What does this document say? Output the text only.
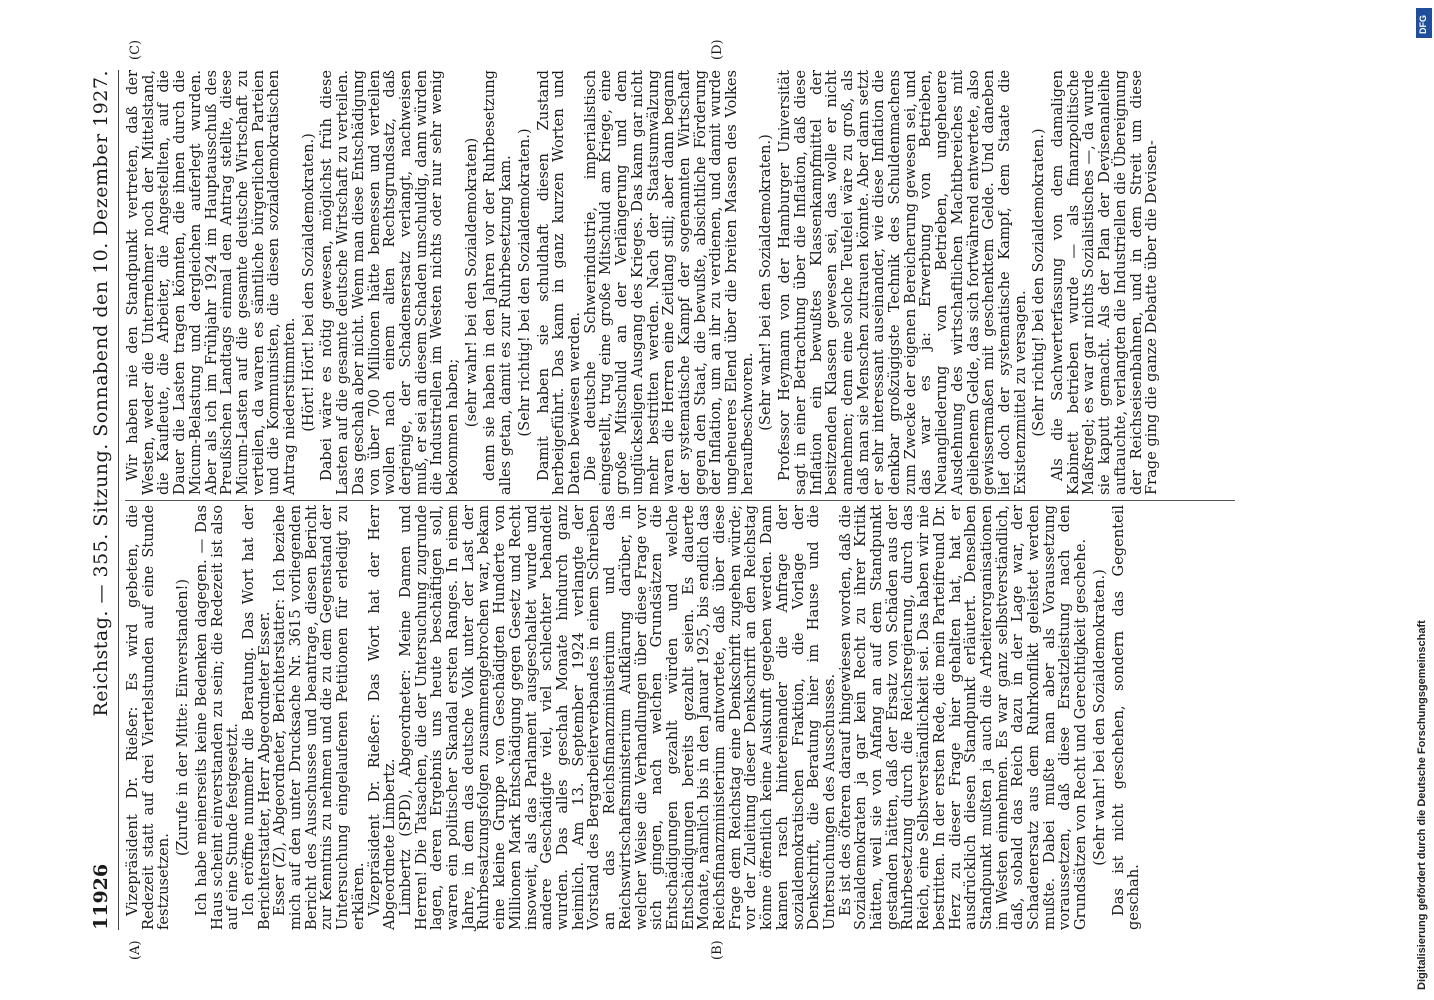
11926
Reichstag. — 355. Sitzung. Sonnabend den 10. Dezember 1927.
(A)	(B)
(C)	(D)

Vizepräsident Dr. Rießer: Es wird gebeten, die Redezeit statt auf drei Viertelstunden auf eine Stunde festzusetzen.

(Zurufe in der Mitte: Einverstanden!) Ich habe meinerseits keine Bedenken dagegen. — Das Haus scheint einverstanden zu sein; die Redezeit ist also auf eine Stunde festgesetzt.

Ich eröffne nunmehr die Beratung. Das Wort hat der Berichterstatter, Herr Abgeordneter Esser.

Esser (Z), Abgeordneter, Berichterstatter: Ich beziehe mich auf den unter Drucksache Nr. 3615 vorliegenden Bericht des Ausschusses und beantrage, diesen Bericht zur Kenntnis zu nehmen und die zu dem Gegenstand der Untersuchung eingelaufenen Petitionen für erledigt zu erklären.

Vizepräsident Dr. Rießer: Das Wort hat der Herr Abgeordnete Limbertz.

Limbertz (SPD), Abgeordneter: Meine Damen und Herren! Die Tatsachen, die der Untersuchung zugrunde lagen, deren Ergebnis uns heute beschäftigen soll, waren ein politischer Skandal ersten Ranges. In einem Jahre, in dem das deutsche Volk unter der Last der Ruhrbesatzungsfolgen zusammengebrochen war, bekam eine kleine Gruppe von Geschädigten Hunderte von Millionen Mark Entschädigung gegen Gesetz und Recht insoweit, als das Parlament ausgeschaltet wurde und andere Geschädigte viel, viel schlechter behandelt wurden. Das alles geschah Monate hindurch ganz heimlich. Am 13. September 1924 verlangte der Vorstand des Bergarbeiterverbandes in einem Schreiben an das Reichsfinanzministerium und das Reichswirtschaftsministerium Aufklärung darüber, in welcher Weise die Verhandlungen über diese Frage vor sich gingen, nach welchen Grundsätzen die Entschädigungen gezahlt würden und welche Entschädigungen bereits gezahlt seien. Es dauerte Monate, nämlich bis in den Januar 1925, bis endlich das Reichsfinanzministerium antwortete, daß über diese Frage dem Reichstag eine Denkschrift zugehen würde; vor der Zuleitung dieser Denkschrift an den Reichstag könne öffentlich keine Auskunft gegeben werden. Dann kamen rasch hintereinander die Anfrage der sozialdemokratischen Fraktion, die Vorlage der Denkschrift, die Beratung hier im Hause und die Untersuchungen des Ausschusses.

Es ist des öfteren darauf hingewiesen worden, daß die Sozialdemokraten ja gar kein Recht zu ihrer Kritik hätten, weil sie von Anfang an auf dem Standpunkt gestanden hätten, daß der Ersatz von Schäden aus der Ruhrbesetzung durch die Reichsregierung, durch das Reich, eine Selbstverständlichkeit sei. Das haben wir nie bestritten. In der ersten Rede, die mein Parteifreund Dr. Herz zu dieser Frage hier gehalten hat, hat er ausdrücklich diesen Standpunkt erläutert. Denselben Standpunkt mußten ja auch die Arbeiterorganisationen im Westen einnehmen. Es war ganz selbstverständlich, daß, sobald das Reich dazu in der Lage war, der Schadenersatz aus dem Ruhrkonflikt geleistet werden mußte. Dabei mußte man aber als Voraussetzung voraussetzen, daß diese Ersatzleistung nach den Grundsätzen von Recht und Gerechtigkeit geschehe. (Sehr wahr! bei den Sozialdemokraten.) Das ist nicht geschehen, sondern das Gegenteil geschah.

Wir haben nie den Standpunkt vertreten, daß der Westen, weder die Unternehmer noch der Mittelstand, die Kaufleute, die Arbeiter, die Angestellten, auf die Dauer die Lasten tragen könnten, die ihnen durch die Micum-Belastung und dergleichen auferlegt wurden. Aber als ich im Frühjahr 1924 im Hauptausschuß des Preußischen Landtags einmal den Antrag stellte, diese Micum-Lasten auf die gesamte deutsche Wirtschaft zu verteilen, da waren es sämtliche bürgerlichen Parteien und die Kommunisten, die diesen sozialdemokratischen Antrag niederstimmten. (Hört! Hört! bei den Sozialdemokraten.) Dabei wäre es nötig gewesen, möglichst früh diese Lasten auf die gesamte deutsche Wirtschaft zu verteilen. Das geschah aber nicht. Wenn man diese Entschädigung von über 700 Millionen hätte bemessen und verteilen wollen nach einem alten Rechtsgrundsatz, daß derjenige, der Schadensersatz verlangt, nachweisen muß, er sei an diesem Schaden unschuldig, dann würden die Industriellen im Westen nichts oder nur sehr wenig bekommen haben; (sehr wahr! bei den Sozialdemokraten) denn sie haben in den Jahren vor der Ruhrbesetzung alles getan, damit es zur Ruhrbesetzung kam. (Sehr richtig! bei den Sozialdemokraten.) Damit haben sie schuldhaft diesen Zustand herbeigeführt. Das kann in ganz kurzen Worten und Daten bewiesen werden.

Die deutsche Schwerindustrie, imperialistisch eingestellt, trug eine große Mitschuld am Kriege, eine große Mitschuld an der Verlängerung und dem unglückseligen Ausgang des Krieges. Das kann gar nicht mehr bestritten werden. Nach der Staatsumwälzung waren die Herren eine Zeitlang still; aber dann begann der systematische Kampf der sogenannten Wirtschaft gegen den Staat, die bewußte, absichtliche Förderung der Inflation, um an ihr zu verdienen, und damit wurde ungeheueres Elend über die breiten Massen des Volkes heraufbeschworen. (Sehr wahr! bei den Sozialdemokraten.) Professor Heymann von der Hamburger Universität sagt in einer Betrachtung über die Inflation, daß diese Inflation ein bewußtes Klassenkampfmittel der besitzenden Klassen gewesen sei, das wolle er nicht annehmen; denn eine solche Teufelei wäre zu groß, als daß man sie Menschen zutrauen könnte. Aber dann setzt er sehr interessant auseinander, wie diese Inflation die denkbar großzügigste Technik des Schuldenmachens zum Zwecke der eigenen Bereicherung gewesen sei, und das war es ja: Erwerbung von Betrieben, Neuangliederung von Betrieben, ungeheuere Ausdehnung des wirtschaftlichen Machtbereiches mit geliehenem Gelde, das sich fortwährend entwertete, also gewissermaßen mit geschenktem Gelde. Und daneben lief doch der systematische Kampf, dem Staate die Existenzmittel zu versagen. (Sehr richtig! bei den Sozialdemokraten.) Als die Sachwerterfassung von dem damaligen Kabinett betrieben wurde — als finanzpolitische Maßregel; es war gar nichts Sozialistisches —, da wurde sie kaputt gemacht. Als der Plan der Devisenanleihe auftauchte, verlangten die Industriellen die Übereignung der Reichseisenbahnen, und in dem Streit um diese Frage ging die ganze Debatte über die Devisen-

DFG
Digitalisierung gefördert durch die Deutsche Forschungsgemeinschaft
